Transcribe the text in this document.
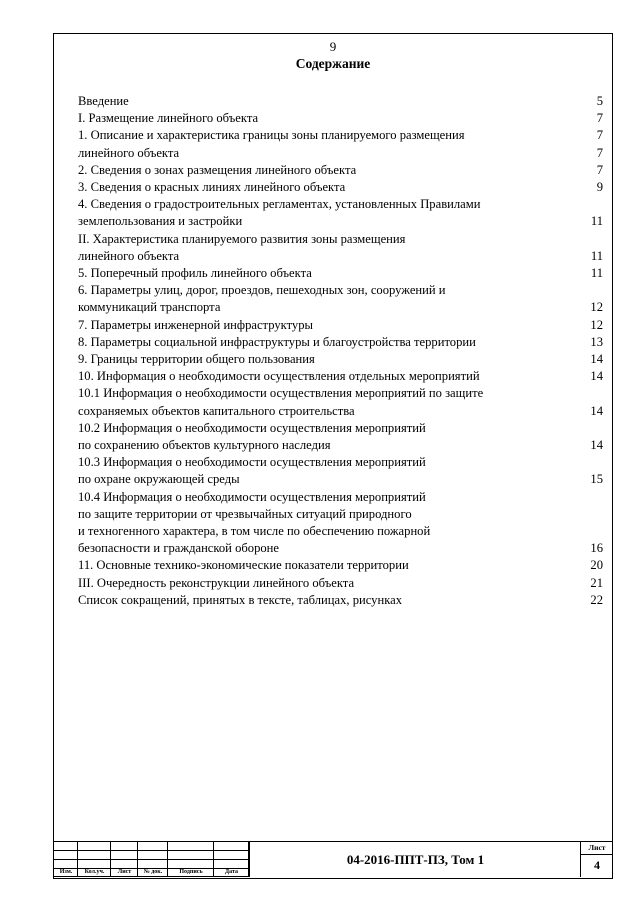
9
Содержание
Введение	5
I. Размещение линейного объекта	7
1. Описание и характеристика границы зоны планируемого размещения	7
линейного объекта	7
2. Сведения о зонах размещения линейного объекта	7
3. Сведения о красных линиях линейного объекта	9
4. Сведения о градостроительных регламентах, установленных Правилами
землепользования и застройки	11
II. Характеристика планируемого развития зоны размещения
линейного объекта	11
5. Поперечный профиль линейного объекта	11
6. Параметры улиц, дорог, проездов, пешеходных зон, сооружений и
коммуникаций транспорта	12
7. Параметры инженерной инфраструктуры	12
8. Параметры социальной инфраструктуры и благоустройства территории	13
9. Границы территории общего пользования	14
10. Информация о необходимости осуществления отдельных мероприятий	14
10.1 Информация о необходимости осуществления мероприятий по защите
сохраняемых объектов капитального строительства	14
10.2 Информация о необходимости осуществления мероприятий
по сохранению объектов культурного наследия	14
10.3 Информация о необходимости осуществления мероприятий
по охране окружающей среды	15
10.4 Информация о необходимости осуществления мероприятий
по защите территории от чрезвычайных ситуаций природного
и техногенного характера, в том числе по обеспечению пожарной
безопасности и гражданской обороне	16
11. Основные технико-экономические показатели территории	20
III. Очередность реконструкции линейного объекта	21
Список сокращений, принятых в тексте, таблицах, рисунках	22
Изм.	Кол.уч.	Лист	№ док.	Подпись	Дата
04-2016-ППТ-ПЗ, Том 1
Лист
4
